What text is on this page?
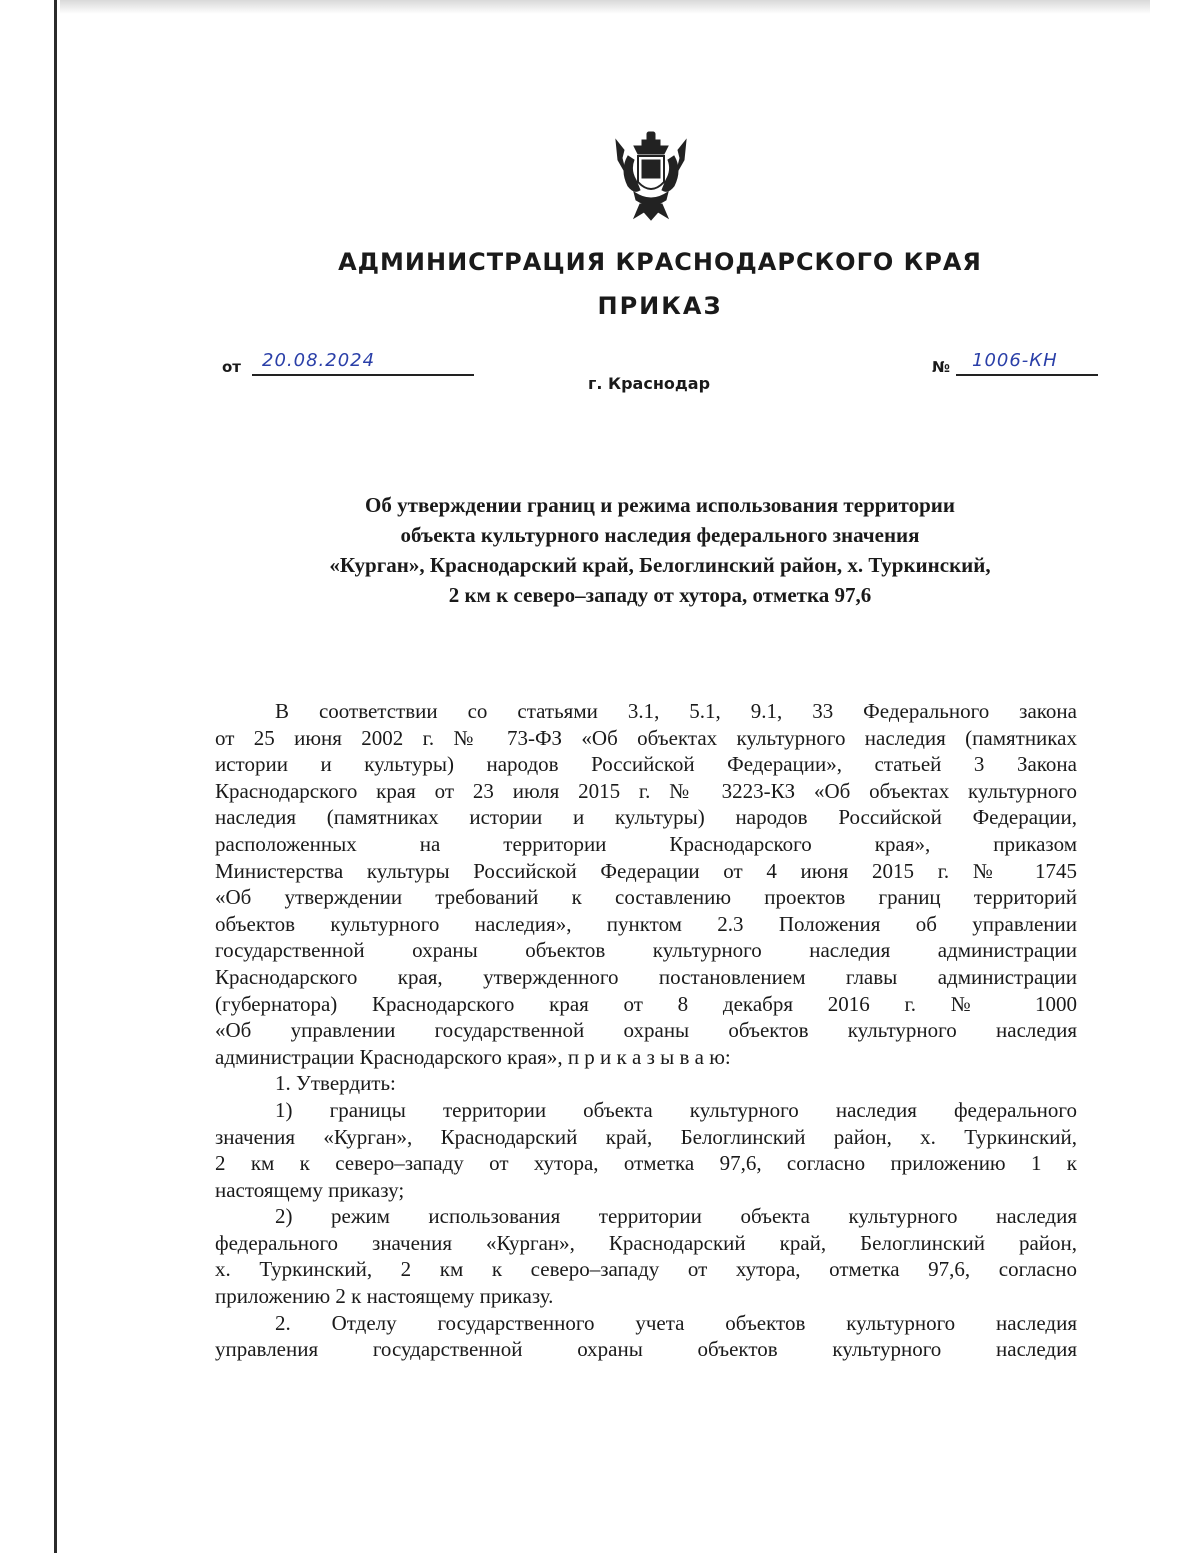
АДМИНИСТРАЦИЯ КРАСНОДАРСКОГО КРАЯ
ПРИКАЗ
от 20.08.2024
г. Краснодар
№ 1006-КН
Об утверждении границ и режима использования территории
объекта культурного наследия федерального значения
«Курган», Краснодарский край, Белоглинский район, х. Туркинский,
2 км к северо–западу от хутора, отметка 97,6
В соответствии со статьями 3.1, 5.1, 9.1, 33 Федерального закона
от 25 июня 2002 г. № 73-ФЗ «Об объектах культурного наследия (памятниках
истории и культуры) народов Российской Федерации», статьей 3 Закона
Краснодарского края от 23 июля 2015 г. № 3223-КЗ «Об объектах культурного
наследия (памятниках истории и культуры) народов Российской Федерации,
расположенных на территории Краснодарского края», приказом
Министерства культуры Российской Федерации от 4 июня 2015 г. № 1745
«Об утверждении требований к составлению проектов границ территорий
объектов культурного наследия», пунктом 2.3 Положения об управлении
государственной охраны объектов культурного наследия администрации
Краснодарского края, утвержденного постановлением главы администрации
(губернатора) Краснодарского края от 8 декабря 2016 г. № 1000
«Об управлении государственной охраны объектов культурного наследия
администрации Краснодарского края», п р и к а з ы в а ю:
1. Утвердить:
1) границы территории объекта культурного наследия федерального
значения «Курган», Краснодарский край, Белоглинский район, х. Туркинский,
2 км к северо–западу от хутора, отметка 97,6, согласно приложению 1 к
настоящему приказу;
2) режим использования территории объекта культурного наследия
федерального значения «Курган», Краснодарский край, Белоглинский район,
х. Туркинский, 2 км к северо–западу от хутора, отметка 97,6, согласно
приложению 2 к настоящему приказу.
2. Отделу государственного учета объектов культурного наследия
управления государственной охраны объектов культурного наследия
